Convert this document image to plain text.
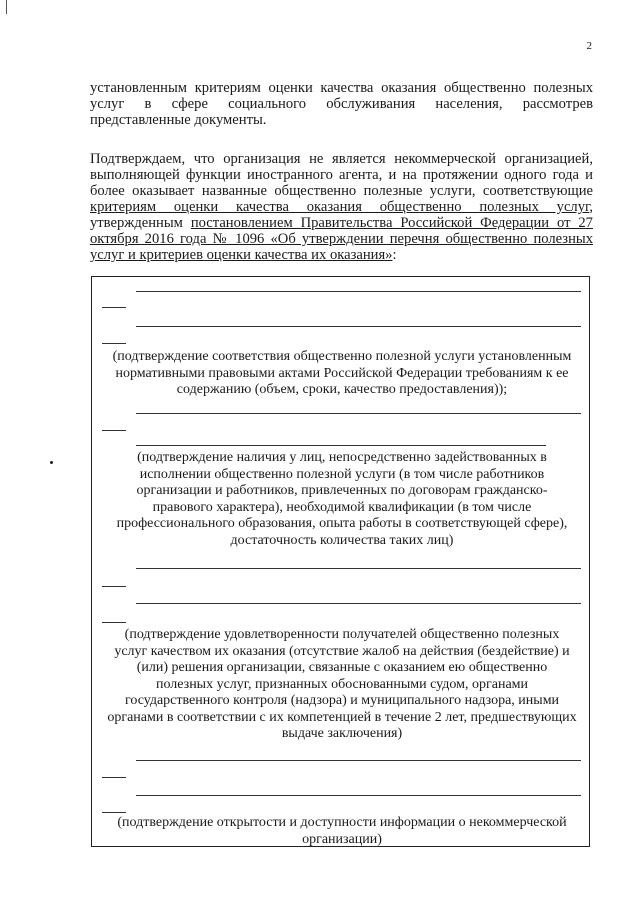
2
установленным критериям оценки качества оказания общественно полезных услуг в сфере социального обслуживания населения, рассмотрев представленные документы.
Подтверждаем, что организация не является некоммерческой организацией, выполняющей функции иностранного агента, и на протяжении одного года и более оказывает названные общественно полезные услуги, соответствующие критериям оценки качества оказания общественно полезных услуг, утвержденным постановлением Правительства Российской Федерации от 27 октября 2016 года № 1096 «Об утверждении перечня общественно полезных услуг и критериев оценки качества их оказания»:
(подтверждение соответствия общественно полезной услуги установленным нормативными правовыми актами Российской Федерации требованиям к ее содержанию (объем, сроки, качество предоставления));
(подтверждение наличия у лиц, непосредственно задействованных в исполнении общественно полезной услуги (в том числе работников организации и работников, привлеченных по договорам гражданско-правового характера), необходимой квалификации (в том числе профессионального образования, опыта работы в соответствующей сфере), достаточность количества таких лиц)
(подтверждение удовлетворенности получателей общественно полезных услуг качеством их оказания (отсутствие жалоб на действия (бездействие) и (или) решения организации, связанные с оказанием ею общественно полезных услуг, признанных обоснованными судом, органами государственного контроля (надзора) и муниципального надзора, иными органами в соответствии с их компетенцией в течение 2 лет, предшествующих выдаче заключения)
(подтверждение открытости и доступности информации о некоммерческой организации)
